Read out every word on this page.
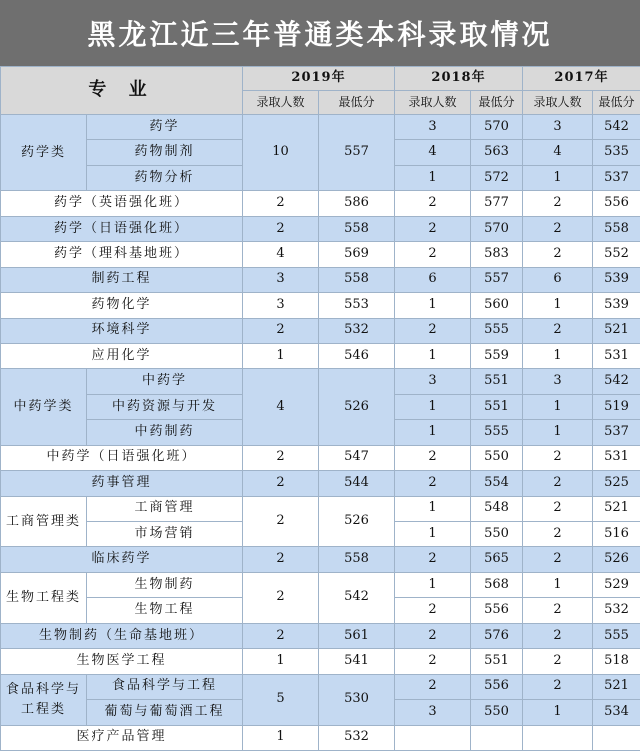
黑龙江近三年普通类本科录取情况
专 业		2019年		2018年		2017年	
		录取人数	最低分	录取人数	最低分	录取人数	最低分
药学类	药学	10	557	3	570	3	542
	药物制剂			4	563	4	535
	药物分析			1	572	1	537
药学（英语强化班）		2	586	2	577	2	556
药学（日语强化班）		2	558	2	570	2	558
药学（理科基地班）		4	569	2	583	2	552
制药工程		3	558	6	557	6	539
药物化学		3	553	1	560	1	539
环境科学		2	532	2	555	2	521
应用化学		1	546	1	559	1	531
中药学类	中药学	4	526	3	551	3	542
	中药资源与开发			1	551	1	519
	中药制药			1	555	1	537
中药学（日语强化班）		2	547	2	550	2	531
药事管理		2	544	2	554	2	525
工商管理类	工商管理	2	526	1	548	2	521
	市场营销			1	550	2	516
临床药学		2	558	2	565	2	526
生物工程类	生物制药	2	542	1	568	1	529
	生物工程			2	556	2	532
生物制药（生命基地班）		2	561	2	576	2	555
生物医学工程		1	541	2	551	2	518
食品科学与工程类	食品科学与工程	5	530	2	556	2	521
	葡萄与葡萄酒工程			3	550	1	534
医疗产品管理		1	532				
